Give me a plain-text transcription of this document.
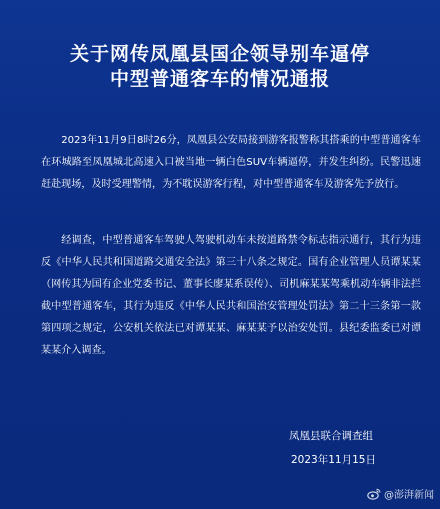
关于网传凤凰县国企领导别车逼停
中型普通客车的情况通报

2023年11月9日8时26分，凤凰县公安局接到游客报警称其搭乘的中型普通客车在环城路至凤凰城北高速入口被当地一辆白色SUV车辆逼停，并发生纠纷。民警迅速赶赴现场，及时受理警情，为不耽误游客行程，对中型普通客车及游客先予放行。

经调查，中型普通客车驾驶人驾驶机动车未按道路禁令标志指示通行，其行为违反《中华人民共和国道路交通安全法》第三十八条之规定。国有企业管理人员谭某某（网传其为国有企业党委书记、董事长廖某系误传）、司机麻某某驾乘机动车辆非法拦截中型普通客车，其行为违反《中华人民共和国治安管理处罚法》第二十三条第一款第四项之规定，公安机关依法已对谭某某、麻某某予以治安处罚。县纪委监委已对谭某某介入调查。

凤凰县联合调查组
2023年11月15日
@澎湃新闻
